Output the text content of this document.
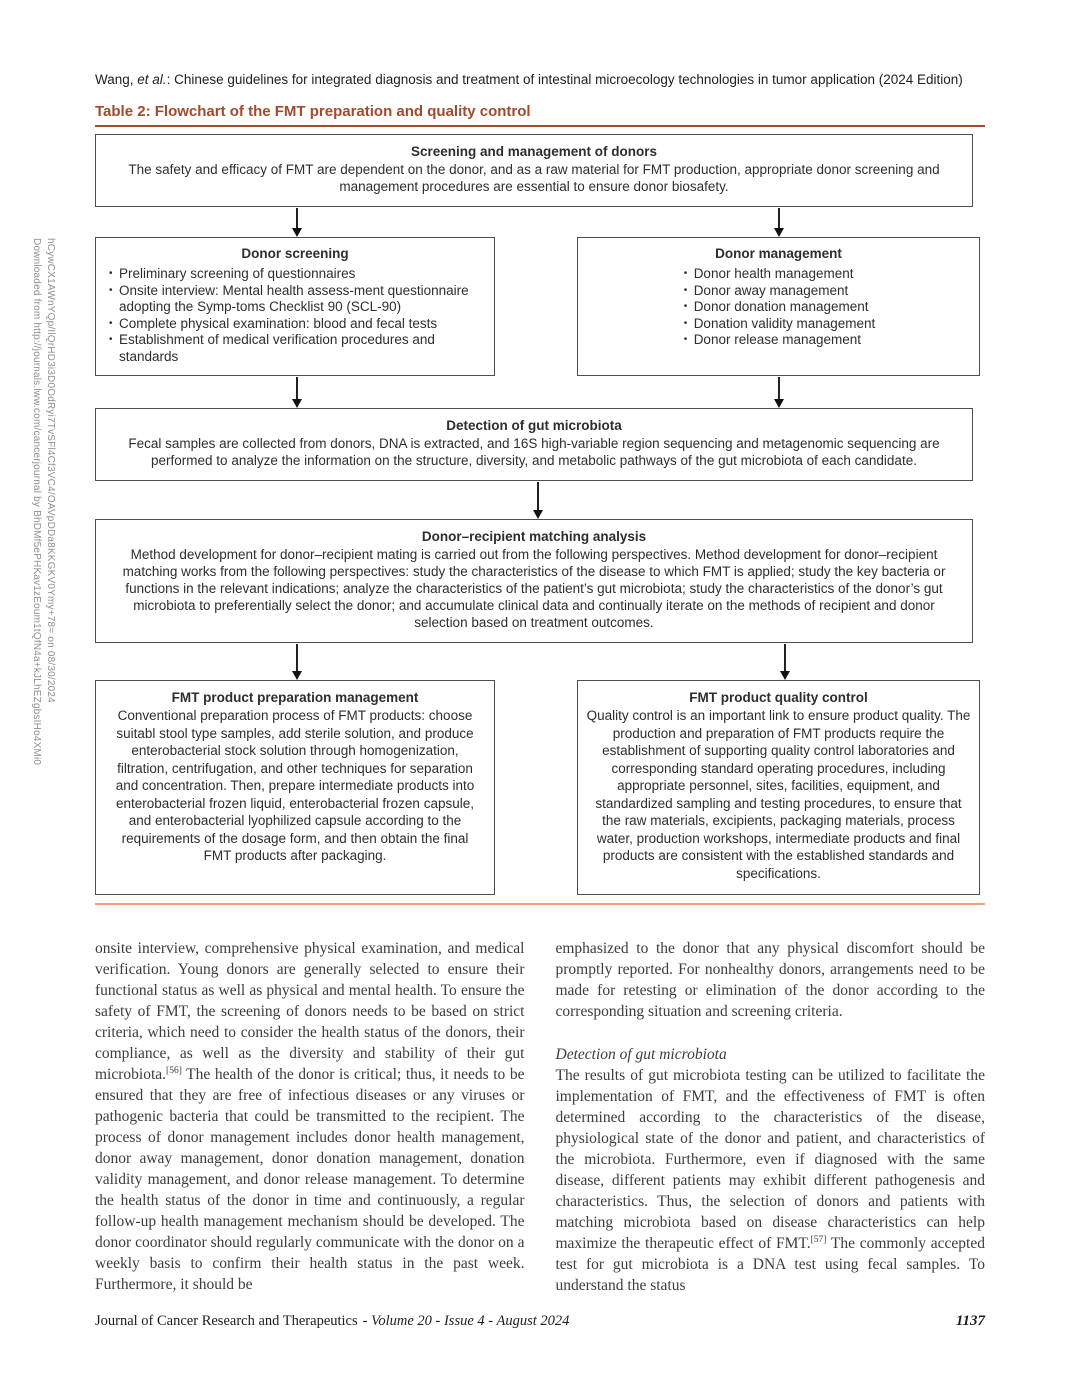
Downloaded from http://journals.lww.com/cancerjournal by BhDMf5ePHKav1zEoum1tQfN4a+kJLhEZgbsIHo4XMi0 hCywCX1AWnYQp/IlQrHD3i3D0OdRyi7TvSFl4Cf3VC4/OAVpDDa8KKGKV0Ymy+78= on 08/30/2024
Wang, et al.: Chinese guidelines for integrated diagnosis and treatment of intestinal microecology technologies in tumor application (2024 Edition)
Table 2: Flowchart of the FMT preparation and quality control
Screening and management of donors
The safety and efficacy of FMT are dependent on the donor, and as a raw material for FMT production, appropriate donor screening and management procedures are essential to ensure donor biosafety.
Donor screening
• Preliminary screening of questionnaires
• Onsite interview: Mental health assess-ment questionnaire adopting the Symp-toms Checklist 90 (SCL-90)
• Complete physical examination: blood and fecal tests
• Establishment of medical verification procedures and standards
Donor management
• Donor health management
• Donor away management
• Donor donation management
• Donation validity management
• Donor release management
Detection of gut microbiota
Fecal samples are collected from donors, DNA is extracted, and 16S high-variable region sequencing and metagenomic sequencing are performed to analyze the information on the structure, diversity, and metabolic pathways of the gut microbiota of each candidate.
Donor–recipient matching analysis
Method development for donor–recipient mating is carried out from the following perspectives. Method development for donor–recipient matching works from the following perspectives: study the characteristics of the disease to which FMT is applied; study the key bacteria or functions in the relevant indications; analyze the characteristics of the patient’s gut microbiota; study the characteristics of the donor’s gut microbiota to preferentially select the donor; and accumulate clinical data and continually iterate on the methods of recipient and donor selection based on treatment outcomes.
FMT product preparation management
Conventional preparation process of FMT products: choose suitabl stool type samples, add sterile solution, and produce enterobacterial stock solution through homogenization, filtration, centrifugation, and other techniques for separation and concentration. Then, prepare intermediate products into enterobacterial frozen liquid, enterobacterial frozen capsule, and enterobacterial lyophilized capsule according to the requirements of the dosage form, and then obtain the final FMT products after packaging.
FMT product quality control
Quality control is an important link to ensure product quality. The production and preparation of FMT products require the establishment of supporting quality control laboratories and corresponding standard operating procedures, including appropriate personnel, sites, facilities, equipment, and standardized sampling and testing procedures, to ensure that the raw materials, excipients, packaging materials, process water, production workshops, intermediate products and final products are consistent with the established standards and specifications.

onsite interview, comprehensive physical examination, and medical verification. Young donors are generally selected to ensure their functional status as well as physical and mental health. To ensure the safety of FMT, the screening of donors needs to be based on strict criteria, which need to consider the health status of the donors, their compliance, as well as the diversity and stability of their gut microbiota.[56] The health of the donor is critical; thus, it needs to be ensured that they are free of infectious diseases or any viruses or pathogenic bacteria that could be transmitted to the recipient. The process of donor management includes donor health management, donor away management, donor donation management, donation validity management, and donor release management. To determine the health status of the donor in time and continuously, a regular follow-up health management mechanism should be developed. The donor coordinator should regularly communicate with the donor on a weekly basis to confirm their health status in the past week. Furthermore, it should be

emphasized to the donor that any physical discomfort should be promptly reported. For nonhealthy donors, arrangements need to be made for retesting or elimination of the donor according to the corresponding situation and screening criteria.

Detection of gut microbiota

The results of gut microbiota testing can be utilized to facilitate the implementation of FMT, and the effectiveness of FMT is often determined according to the characteristics of the disease, physiological state of the donor and patient, and characteristics of the microbiota. Furthermore, even if diagnosed with the same disease, different patients may exhibit different pathogenesis and characteristics. Thus, the selection of donors and patients with matching microbiota based on disease characteristics can help maximize the therapeutic effect of FMT.[57] The commonly accepted test for gut microbiota is a DNA test using fecal samples. To understand the status

Journal of Cancer Research and Therapeutics - Volume 20 - Issue 4 - August 2024	1137
